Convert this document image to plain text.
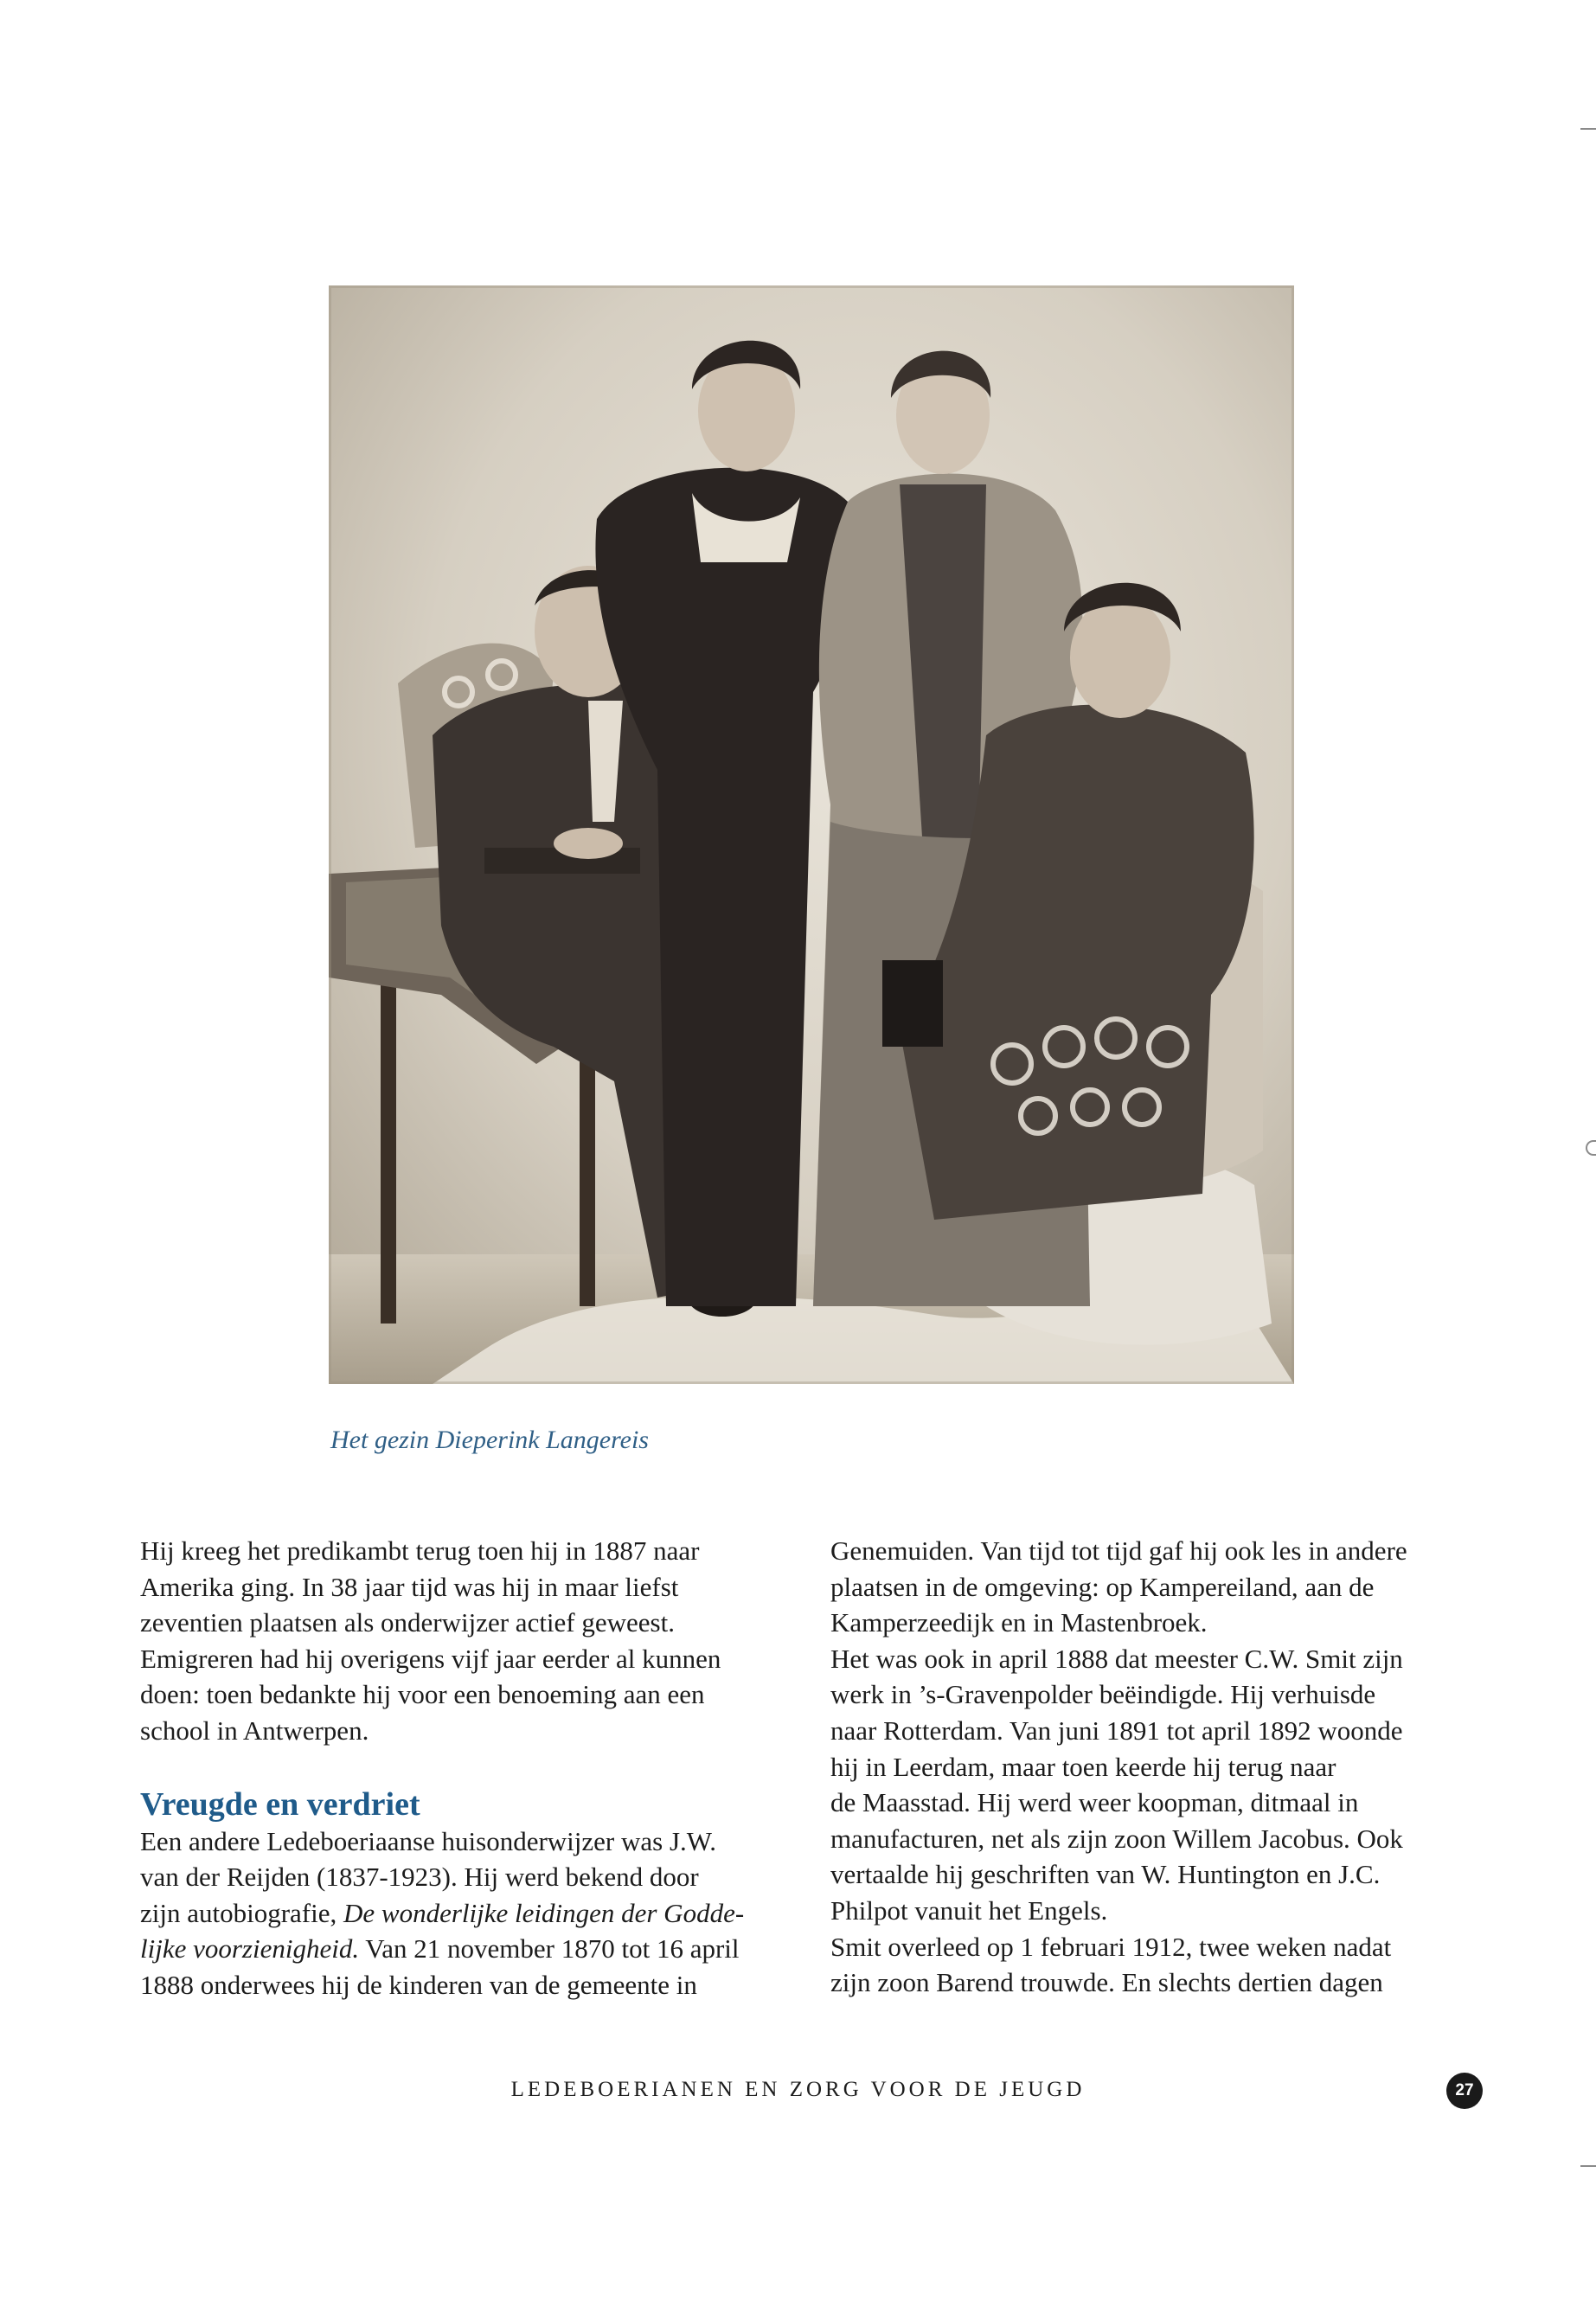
Het gezin Dieperink Langereis

Hij kreeg het predikambt terug toen hij in 1887 naar
Amerika ging. In 38 jaar tijd was hij in maar liefst
zeventien plaatsen als onderwijzer actief geweest.
Emigreren had hij overigens vijf jaar eerder al kunnen
doen: toen bedankte hij voor een benoeming aan een
school in Antwerpen.

Vreugde en verdriet

Een andere Ledeboeriaanse huisonderwijzer was J.W.
van der Reijden (1837-1923). Hij werd bekend door
zijn autobiografie, De wonderlijke leidingen der Godde-
lijke voorzienigheid. Van 21 november 1870 tot 16 april
1888 onderwees hij de kinderen van de gemeente in

Genemuiden. Van tijd tot tijd gaf hij ook les in andere
plaatsen in de omgeving: op Kampereiland, aan de
Kamperzeedijk en in Mastenbroek.
Het was ook in april 1888 dat meester C.W. Smit zijn
werk in ’s-Gravenpolder beëindigde. Hij verhuisde
naar Rotterdam. Van juni 1891 tot april 1892 woonde
hij in Leerdam, maar toen keerde hij terug naar
de Maasstad. Hij werd weer koopman, ditmaal in
manufacturen, net als zijn zoon Willem Jacobus. Ook
vertaalde hij geschriften van W. Huntington en J.C.
Philpot vanuit het Engels.
Smit overleed op 1 februari 1912, twee weken nadat
zijn zoon Barend trouwde. En slechts dertien dagen

LEDEBOERIANEN EN ZORG VOOR DE JEUGD	27
